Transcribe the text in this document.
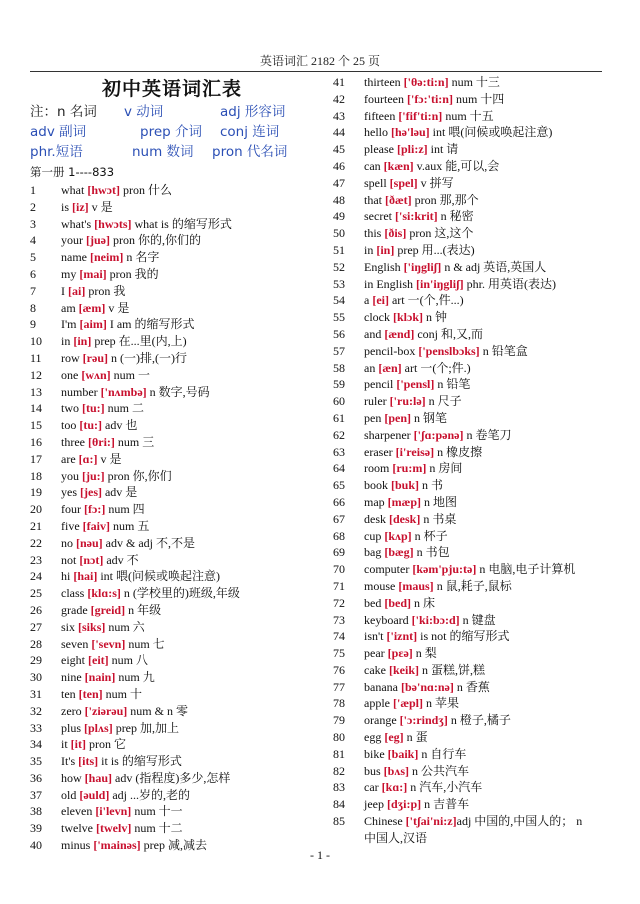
英语词汇 2182 个 25 页
初中英语词汇表
注：n 名词 v 动词	adj 形容词
adv 副词	prep 介词 conj 连词
phr.短语	num 数词 pron 代名词
第一册 1----833
1	what [hwɔt] pron 什么
2	is [iz] v 是
3	what's [hwɔts] what is 的缩写形式
4	your [juə] pron 你的,你们的
5	name [neim] n 名字
6	my [mai] pron 我的
7	I [ai] pron 我
8	am [æm] v 是
9	I'm [aim] I am 的缩写形式
10	in [in] prep 在...里(内,上)
11	row [rəu] n (一)排,(一)行
12	one [wʌn] num 一
13	number ['nʌmbə] n 数字,号码
14	two [tu:] num 二
15	too [tu:] adv 也
16	three [θri:] num 三
17	are [ɑ:] v 是
18	you [ju:] pron 你,你们
19	yes [jes] adv 是
20	four [fɔ:] num 四
21	five [faiv] num 五
22	no [nəu] adv & adj 不,不是
23	not [nɔt] adv 不
24	hi [hai] int 喂(问候或唤起注意)
25	class [klɑ:s] n (学校里的)班级,年级
26	grade [greid] n 年级
27	six [siks] num 六
28	seven ['sevn] num 七
29	eight [eit] num 八
30	nine [nain] num 九
31	ten [ten] num 十
32	zero ['ziərəu] num & n 零
33	plus [plʌs] prep 加,加上
34	it [it] pron 它
35	It's [its] it is 的缩写形式
36	how [hau] adv (指程度)多少,怎样
37	old [əuld] adj ...岁的,老的
38	eleven [i'levn] num 十一
39	twelve [twelv] num 十二
40	minus ['mainəs] prep 减,减去
41	thirteen ['θə:ti:n] num 十三
42	fourteen ['fɔ:'ti:n] num 十四
43	fifteen ['fif'ti:n] num 十五
44	hello [hə'ləu] int 喂(问候或唤起注意)
45	please [pli:z] int 请
46	can [kæn] v.aux 能,可以,会
47	spell [spel] v 拼写
48	that [ðæt] pron 那,那个
49	secret ['si:krit] n 秘密
50	this [ðis] pron 这,这个
51	in [in] prep 用...(表达)
52	English ['iŋgliʃ] n & adj 英语,英国人
53	in English [in'iŋgliʃ] phr. 用英语(表达)
54	a [ei] art 一(个,件...)
55	clock [klɔk] n 钟
56	and [ænd] conj 和,又,而
57	pencil-box ['penslbɔks] n 铅笔盒
58	an [æn] art 一(个;件.)
59	pencil ['pensl] n 铅笔
60	ruler ['ru:lə] n 尺子
61	pen [pen] n 钢笔
62	sharpener ['ʃɑ:pənə] n 卷笔刀
63	eraser [i'reisə] n 橡皮擦
64	room [ru:m] n 房间
65	book [buk] n 书
66	map [mæp] n 地图
67	desk [desk] n 书桌
68	cup [kʌp] n 杯子
69	bag [bæg] n 书包
70	computer [kəm'pju:tə] n 电脑,电子计算机
71	mouse [maus] n 鼠,耗子,鼠标
72	bed [bed] n 床
73	keyboard ['ki:bɔ:d] n 键盘
74	isn't ['iznt] is not 的缩写形式
75	pear [pɛə] n 梨
76	cake [keik] n 蛋糕,饼,糕
77	banana [bə'nɑ:nə] n 香蕉
78	apple ['æpl] n 苹果
79	orange ['ɔ:rindʒ] n 橙子,橘子
80	egg [eg] n 蛋
81	bike [baik] n 自行车
82	bus [bʌs] n 公共汽车
83	car [kɑ:] n 汽车,小汽车
84	jeep [dʒi:p] n 吉普车
85	Chinese ['tʃai'ni:z]adj 中国的,中国人的； n
中国人,汉语
- 1 -
